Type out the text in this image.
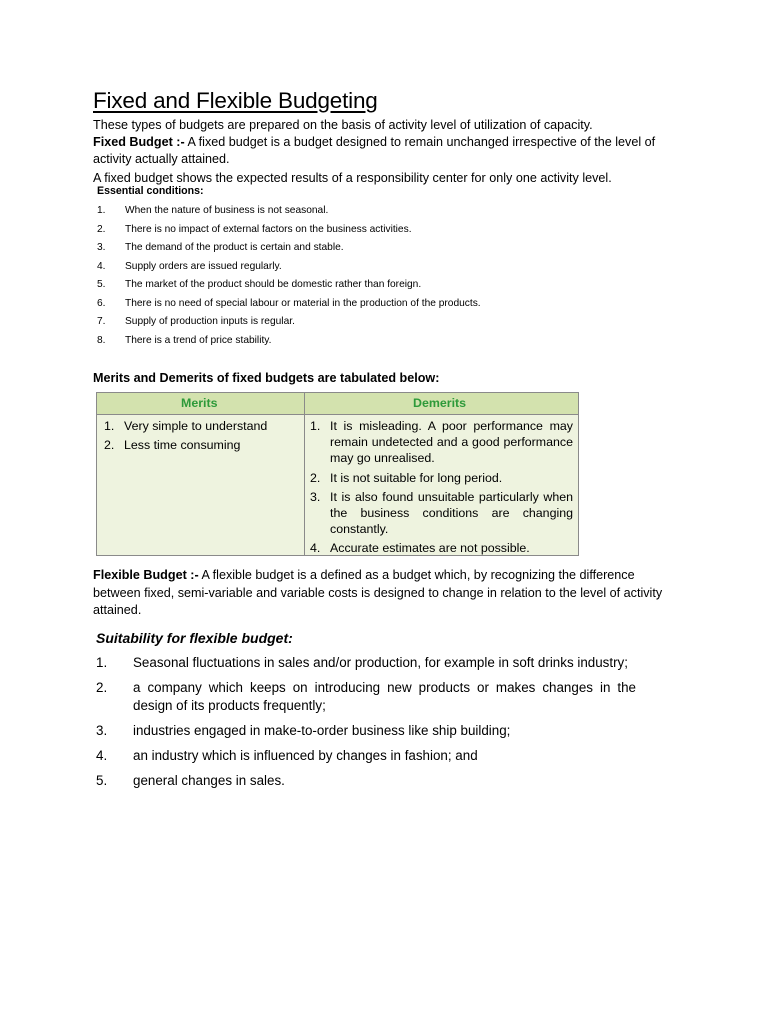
Fixed and Flexible Budgeting
These types of budgets are prepared on the basis of activity level of utilization of capacity.
Fixed Budget :- A fixed budget is a budget designed to remain unchanged irrespective of the level of activity actually attained.
A fixed budget shows the expected results of a responsibility center for only one activity level.
Essential conditions:
1. When the nature of business is not seasonal.
2. There is no impact of external factors on the business activities.
3. The demand of the product is certain and stable.
4. Supply orders are issued regularly.
5. The market of the product should be domestic rather than foreign.
6. There is no need of special labour or material in the production of the products.
7. Supply of production inputs is regular.
8. There is a trend of price stability.
Merits and Demerits of fixed budgets are tabulated below:
Merits	Demerits
1. Very simple to understand
2. Less time consuming
1. It is misleading. A poor performance may remain undetected and a good performance may go unrealised.
2. It is not suitable for long period.
3. It is also found unsuitable particularly when the business conditions are changing constantly.
4. Accurate estimates are not possible.
Flexible Budget :- A flexible budget is a defined as a budget which, by recognizing the difference between fixed, semi-variable and variable costs is designed to change in relation to the level of activity attained.
Suitability for flexible budget:
1. Seasonal fluctuations in sales and/or production, for example in soft drinks industry;
2. a company which keeps on introducing new products or makes changes in the design of its products frequently;
3. industries engaged in make-to-order business like ship building;
4. an industry which is influenced by changes in fashion; and
5. general changes in sales.
